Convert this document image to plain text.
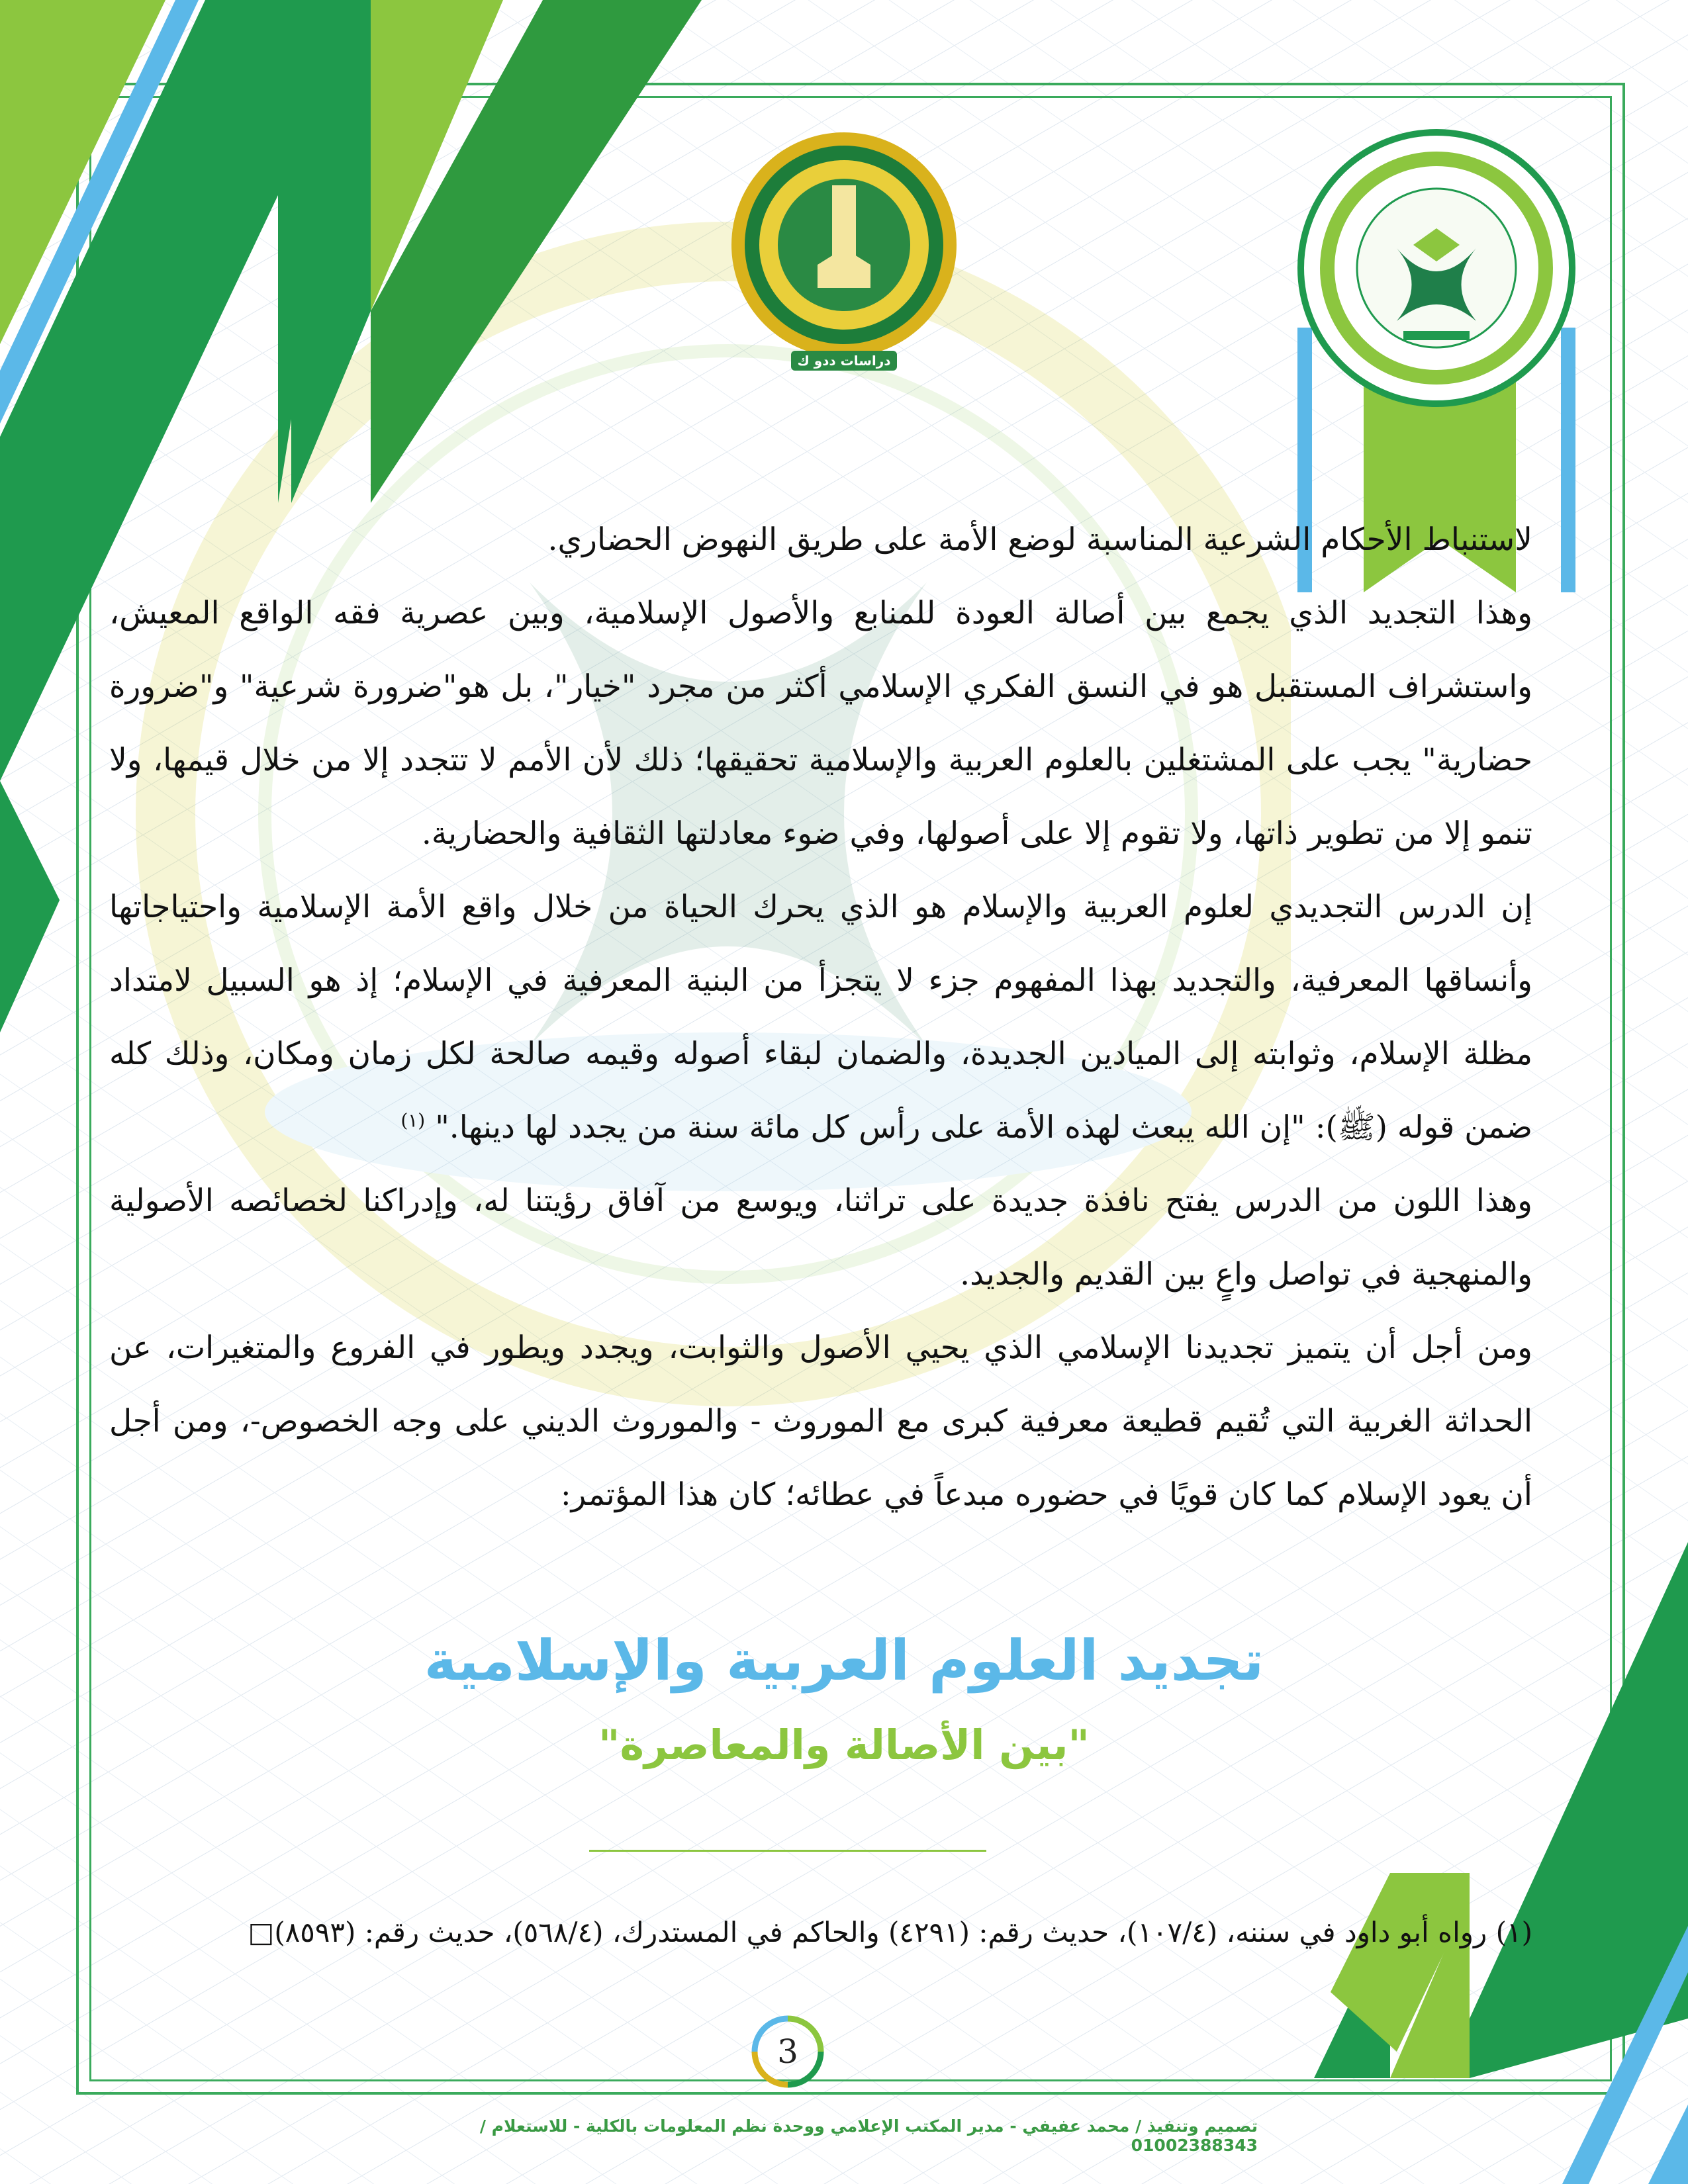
دراسات ددو ك

لاستنباط الأحكام الشرعية المناسبة لوضع الأمة على طريق النهوض الحضاري.

وهذا التجديد الذي يجمع بين أصالة العودة للمنابع والأصول الإسلامية، وبين عصرية فقه الواقع المعيش، واستشراف المستقبل هو في النسق الفكري الإسلامي أكثر من مجرد "خيار"، بل هو"ضرورة شرعية" و"ضرورة حضارية" يجب على المشتغلين بالعلوم العربية والإسلامية تحقيقها؛ ذلك لأن الأمم لا تتجدد إلا من خلال قيمها، ولا تنمو إلا من تطوير ذاتها، ولا تقوم إلا على أصولها، وفي ضوء معادلتها الثقافية والحضارية.

إن الدرس التجديدي لعلوم العربية والإسلام هو الذي يحرك الحياة من خلال واقع الأمة الإسلامية واحتياجاتها وأنساقها المعرفية، والتجديد بهذا المفهوم جزء لا يتجزأ من البنية المعرفية في الإسلام؛ إذ هو السبيل لامتداد مظلة الإسلام، وثوابته إلى الميادين الجديدة، والضمان لبقاء أصوله وقيمه صالحة لكل زمان ومكان، وذلك كله ضمن قوله (ﷺ): "إن الله يبعث لهذه الأمة على رأس كل مائة سنة من يجدد لها دينها." $^{(١)}$

وهذا اللون من الدرس يفتح نافذة جديدة على تراثنا، ويوسع من آفاق رؤيتنا له، وإدراكنا لخصائصه الأصولية والمنهجية في تواصل واعٍ بين القديم والجديد.

ومن أجل أن يتميز تجديدنا الإسلامي الذي يحيي الأصول والثوابت، ويجدد ويطور في الفروع والمتغيرات، عن الحداثة الغربية التي تُقيم قطيعة معرفية كبرى مع الموروث - والموروث الديني على وجه الخصوص-، ومن أجل أن يعود الإسلام كما كان قويًا في حضوره مبدعاً في عطائه؛ كان هذا المؤتمر:

تجديد العلوم العربية والإسلامية
"بين الأصالة والمعاصرة"
(١) رواه أبو داود في سننه، (١٠٧/٤)، حديث رقم: (٤٢٩١) والحاكم في المستدرك، (٥٦٨/٤)، حديث رقم: (٨٥٩٣)□
3
تصميم وتنفيذ / محمد عفيفي - مدير المكتب الإعلامي ووحدة نظم المعلومات بالكلية - للاستعلام / 01002388343
